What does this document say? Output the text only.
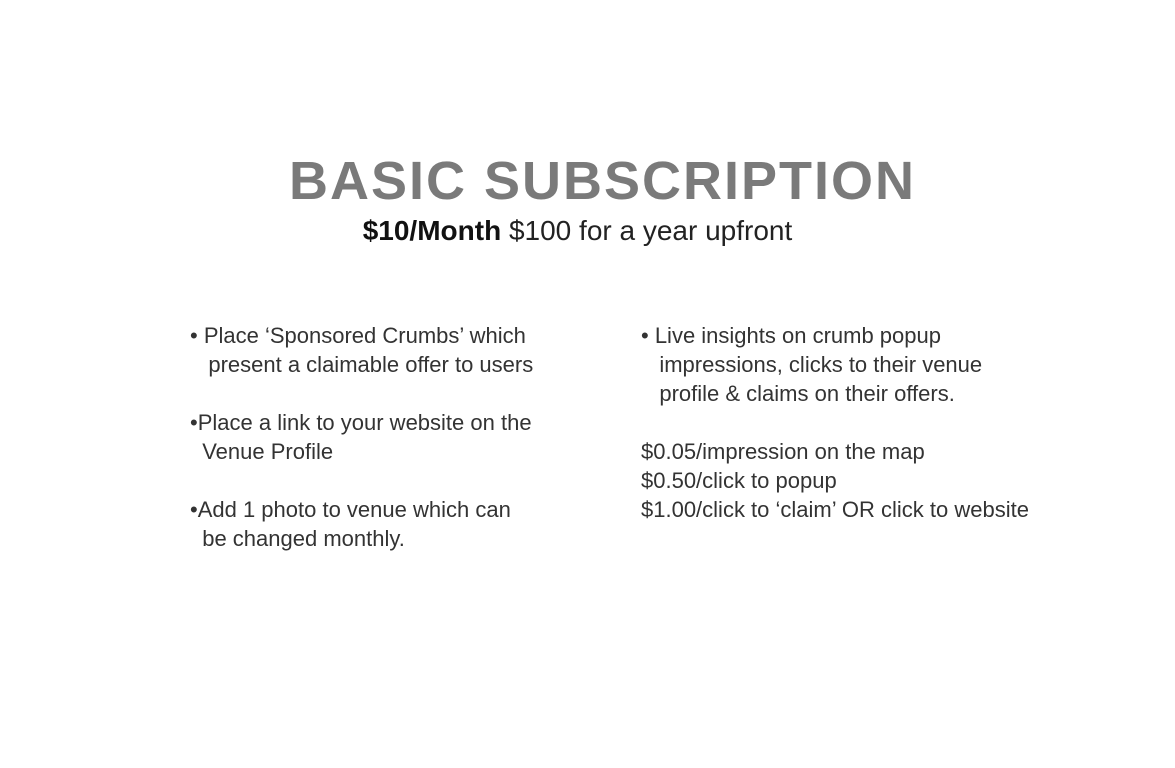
BASIC SUBSCRIPTION
$10/Month $100 for a year upfront

• Place ‘Sponsored Crumbs’ which

present a claimable offer to users

•Place a link to your website on the

Venue Profile

•Add 1 photo to venue which can

be changed monthly.

• Live insights on crumb popup

impressions, clicks to their venue

profile & claims on their offers.

$0.05/impression on the map

$0.50/click to popup

$1.00/click to ‘claim’ OR click to website
